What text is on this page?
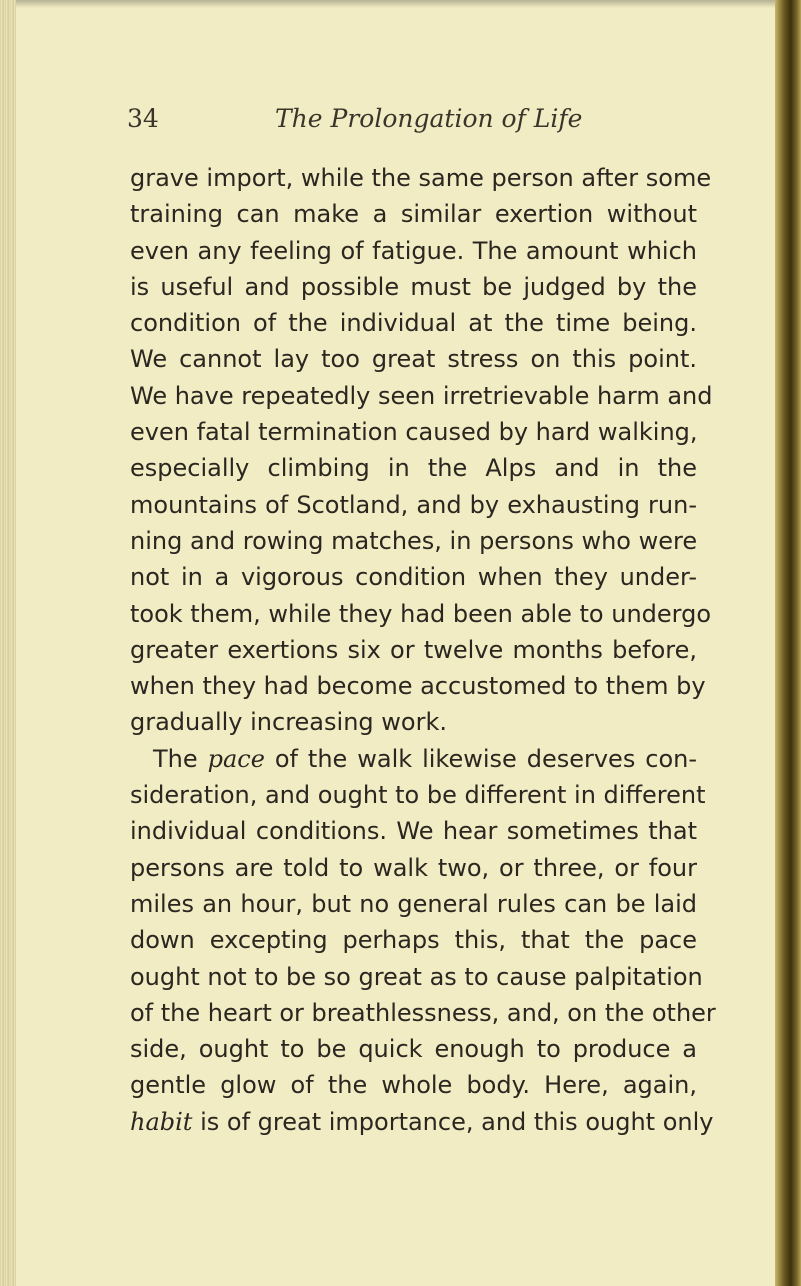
34	The Prolongation of Life
grave import, while the same person after some
training can make a similar exertion without
even any feeling of fatigue. The amount which
is useful and possible must be judged by the
condition of the individual at the time being.
We cannot lay too great stress on this point.
We have repeatedly seen irretrievable harm and
even fatal termination caused by hard walking,
especially climbing in the Alps and in the
mountains of Scotland, and by exhausting run-
ning and rowing matches, in persons who were
not in a vigorous condition when they under-
took them, while they had been able to undergo
greater exertions six or twelve months before,
when they had become accustomed to them by
gradually increasing work.
The pace of the walk likewise deserves con-
sideration, and ought to be different in different
individual conditions. We hear sometimes that
persons are told to walk two, or three, or four
miles an hour, but no general rules can be laid
down excepting perhaps this, that the pace
ought not to be so great as to cause palpitation
of the heart or breathlessness, and, on the other
side, ought to be quick enough to produce a
gentle glow of the whole body. Here, again,
habit is of great importance, and this ought only
